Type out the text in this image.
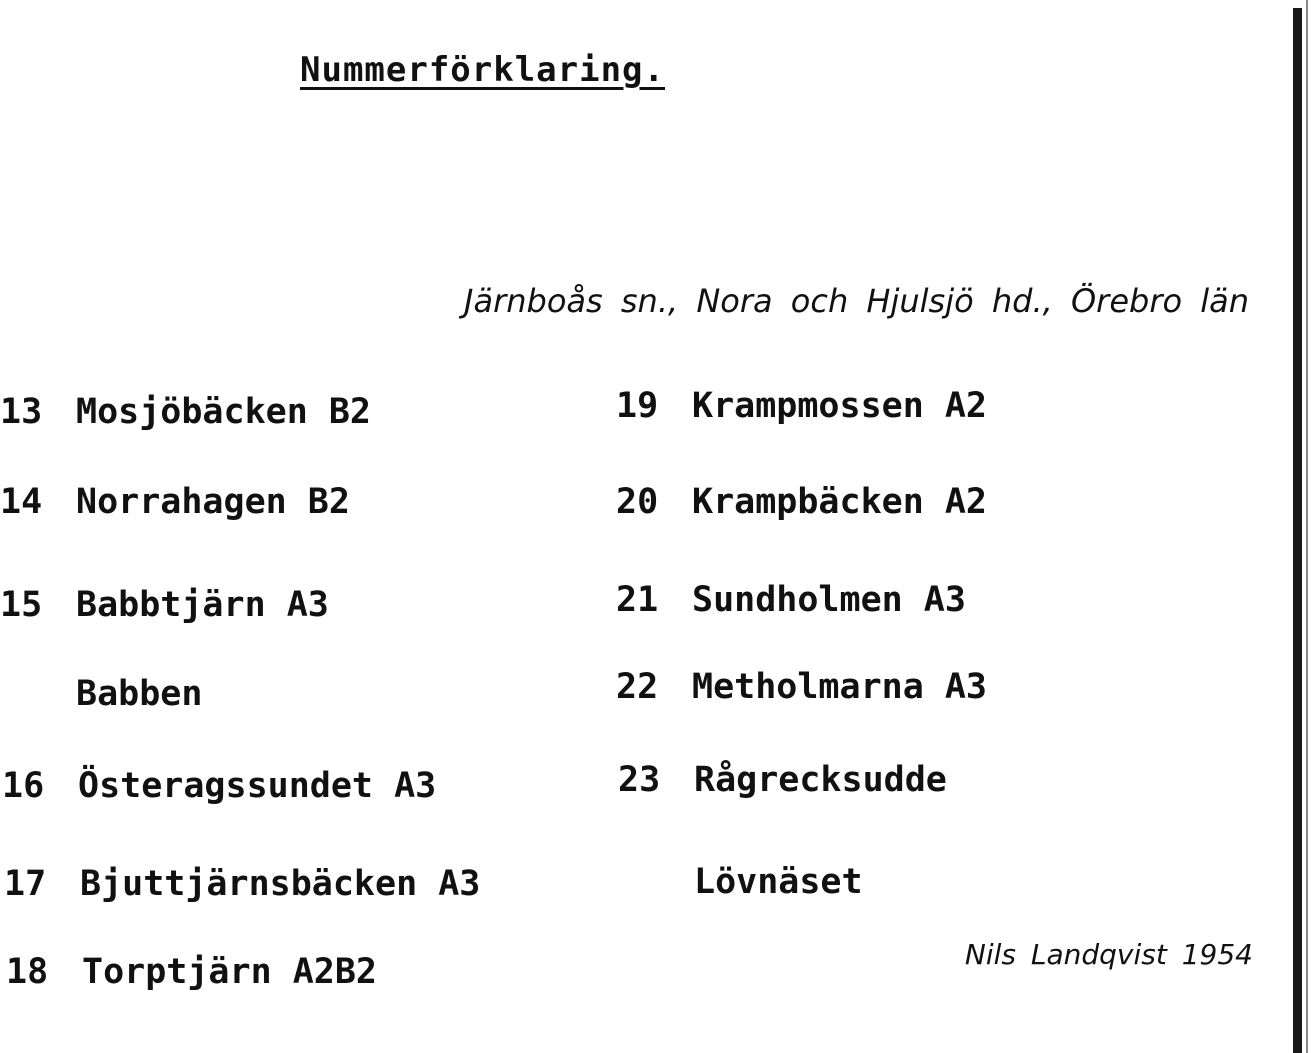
Nummerförklaring.
Järnboås sn., Nora och Hjulsjö hd., Örebro län
13 Mosjöbäcken B2
14 Norrahagen B2
15 Babbtjärn A3
Babben
16 Österagssundet A3
17 Bjuttjärnsbäcken A3
18 Torptjärn A2B2
19 Krampmossen A2
20 Krampbäcken A2
21 Sundholmen A3
22 Metholmarna A3
23 Rågrecksudde
Lövnäset
Nils Landqvist 1954
